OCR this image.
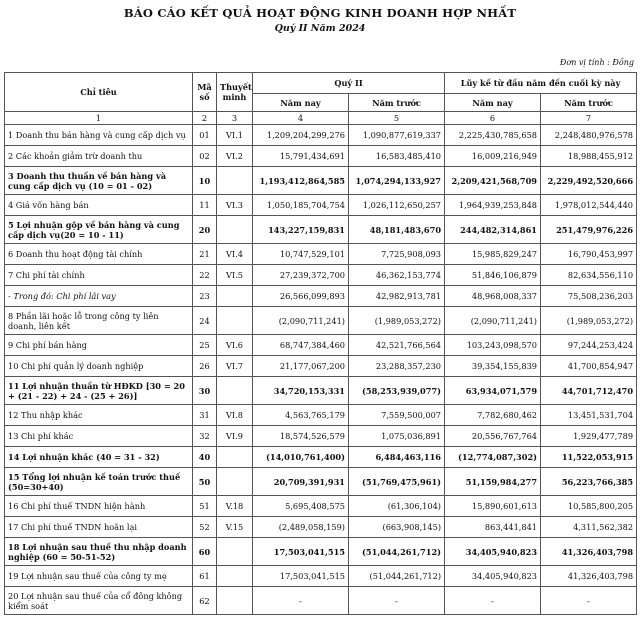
BÁO CÁO KẾT QUẢ HOẠT ĐỘNG KINH DOANH HỢP NHẤT
Quý II Năm 2024
Đơn vị tính : Đồng
Chỉ tiêu	Mã số	Thuyết minh	Quý II		Lũy kế từ đầu năm đến cuối kỳ này	
			Năm nay	Năm trước	Năm nay	Năm trước
1	2	3	4	5	6	7
1 Doanh thu bán hàng và cung cấp dịch vụ	01	VI.1	1,209,204,299,276	1,090,877,619,337	2,225,430,785,658	2,248,480,976,578
2 Các khoản giảm trừ doanh thu	02	VI.2	15,791,434,691	16,583,485,410	16,009,216,949	18,988,455,912
3 Doanh thu thuần về bán hàng và cung cấp dịch vụ (10 = 01 - 02)	10		1,193,412,864,585	1,074,294,133,927	2,209,421,568,709	2,229,492,520,666
4 Giá vốn hàng bán	11	VI.3	1,050,185,704,754	1,026,112,650,257	1,964,939,253,848	1,978,012,544,440
5 Lợi nhuận gộp về bán hàng và cung cấp dịch vụ(20 = 10 - 11)	20		143,227,159,831	48,181,483,670	244,482,314,861	251,479,976,226
6 Doanh thu hoạt động tài chính	21	VI.4	10,747,529,101	7,725,908,093	15,985,829,247	16,790,453,997
7 Chi phí tài chính	22	VI.5	27,239,372,700	46,362,153,774	51,846,106,879	82,634,556,110
- Trong đó: Chi phí lãi vay	23		26,566,099,893	42,982,913,781	48,968,008,337	75,508,236,203
8 Phần lãi hoặc lỗ trong công ty liên doanh, liên kết	24		(2,090,711,241)	(1,989,053,272)	(2,090,711,241)	(1,989,053,272)
9 Chi phí bán hàng	25	VI.6	68,747,384,460	42,521,766,564	103,243,098,570	97,244,253,424
10 Chi phí quản lý doanh nghiệp	26	VI.7	21,177,067,200	23,288,357,230	39,354,155,839	41,700,854,947
11 Lợi nhuận thuần từ HĐKD [30 = 20 + (21 - 22) + 24 - (25 + 26)]	30		34,720,153,331	(58,253,939,077)	63,934,071,579	44,701,712,470
12 Thu nhập khác	31	VI.8	4,563,765,179	7,559,500,007	7,782,680,462	13,451,531,704
13 Chi phí khác	32	VI.9	18,574,526,579	1,075,036,891	20,556,767,764	1,929,477,789
14 Lợi nhuận khác (40 = 31 - 32)	40		(14,010,761,400)	6,484,463,116	(12,774,087,302)	11,522,053,915
15 Tổng lợi nhuận kế toán trước thuế (50=30+40)	50		20,709,391,931	(51,769,475,961)	51,159,984,277	56,223,766,385
16 Chi phí thuế TNDN hiện hành	51	V.18	5,695,408,575	(61,306,104)	15,890,601,613	10,585,800,205
17 Chi phí thuế TNDN hoãn lại	52	V.15	(2,489,058,159)	(663,908,145)	863,441,841	4,311,562,382
18 Lợi nhuận sau thuế thu nhập doanh nghiệp (60 = 50-51-52)	60		17,503,041,515	(51,044,261,712)	34,405,940,823	41,326,403,798
19 Lợi nhuận sau thuế của công ty mẹ	61		17,503,041,515	(51,044,261,712)	34,405,940,823	41,326,403,798
20 Lợi nhuận sau thuế của cổ đông không kiểm soát	62		-	-	-	-
